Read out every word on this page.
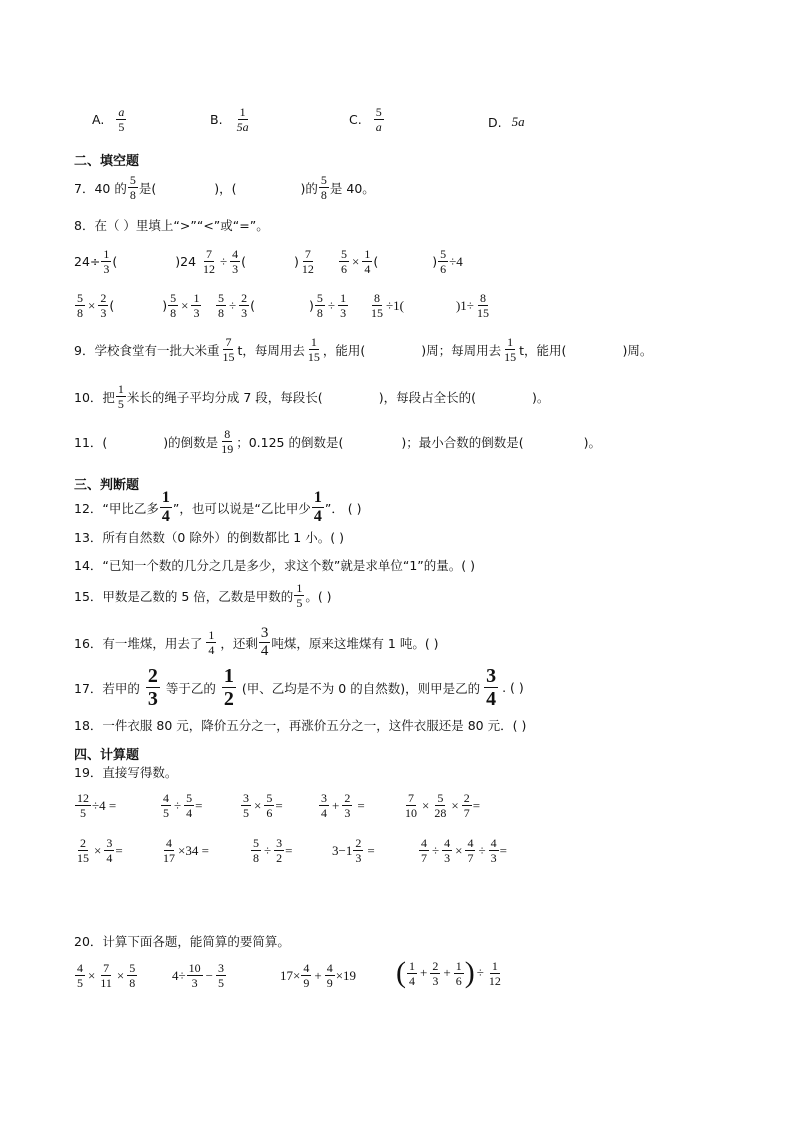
A. $\frac{a}{5}$	B. $\frac{1}{5a}$	C. $\frac{5}{a}$	D. 5a
二、填空题
7．40 的 $\frac{5}{8}$ 是(	)，(	)的 $\frac{5}{8}$ 是 40。
8．在（ ）里填上“>”“<”或“=”。
$24\div \frac{1}{3}$ (	)$24 \frac{7}{12} \div \frac{4}{3}$ (	) $\frac{7}{12} \frac{5}{6} \times \frac{1}{4}$ (	) $\frac{5}{6} \div 4$
$\frac{5}{8} \times \frac{2}{3}$ (	) $\frac{5}{8} \times \frac{1}{3} \frac{5}{8} \div \frac{2}{3}$ (	) $\frac{5}{8} \div \frac{1}{3} \frac{8}{15} \div 1$(	)$1\div \frac{8}{15}$
9．学校食堂有一批大米重 $\frac{7}{15}$ t，每周用去 $\frac{1}{15}$ ，能用(	)周；每周用去 $\frac{1}{15}$ t，能用(	)周。
10．把 $\frac{1}{5}$ 米长的绳子平均分成 7 段，每段长(	)，每段占全长的(	)。
11．(	)的倒数是 $\frac{8}{19}$ ；0.125 的倒数是(	)；最小合数的倒数是(	)。
三、判断题
12．“甲比乙多 $\frac{1}{4}$ ”，也可以说是“乙比甲少 $\frac{1}{4}$ ”． ( )
13．所有自然数（0 除外）的倒数都比 1 小。( )
14．“已知一个数的几分之几是多少，求这个数”就是求单位“1”的量。( )
15．甲数是乙数的 5 倍，乙数是甲数的 $\frac{1}{5}$ 。( )
16．有一堆煤，用去了 $\frac{1}{4}$ ，还剩 $\frac{3}{4}$ 吨煤，原来这堆煤有 1 吨。( )
17．若甲的 $\frac{2}{3}$ 等于乙的 $\frac{1}{2}$ (甲、乙均是不为 0 的自然数)，则甲是乙的 $\frac{3}{4}$ . ( )
18．一件衣服 80 元，降价五分之一，再涨价五分之一，这件衣服还是 80 元．( )
四、计算题
19．直接写得数。
$\frac{12}{5} \div 4$ =	$\frac{4}{5} \div \frac{5}{4}$ =	$\frac{3}{5} \times \frac{5}{6}$ =	$\frac{3}{4} + \frac{2}{3}$ =	$\frac{7}{10} \times \frac{5}{28} \times \frac{2}{7}$ =
$\frac{2}{15} \times \frac{3}{4}$ =	$\frac{4}{17} \times 34$ =	$\frac{5}{8} \div \frac{3}{2}$ =	$3-1 \frac{2}{3}$ =	$\frac{4}{7} \div \frac{4}{3} \times \frac{4}{7} \div \frac{4}{3}$ =
20．计算下面各题，能简算的要简算。
$\frac{4}{5} \times \frac{7}{11} \times \frac{5}{8}$	$4\div \frac{10}{3} - \frac{3}{5}$	$17\times \frac{4}{9} + \frac{4}{9} \times 19$ ( $\frac{1}{4} + \frac{2}{3} + \frac{1}{6}$ ) ÷ $\frac{1}{12}$
